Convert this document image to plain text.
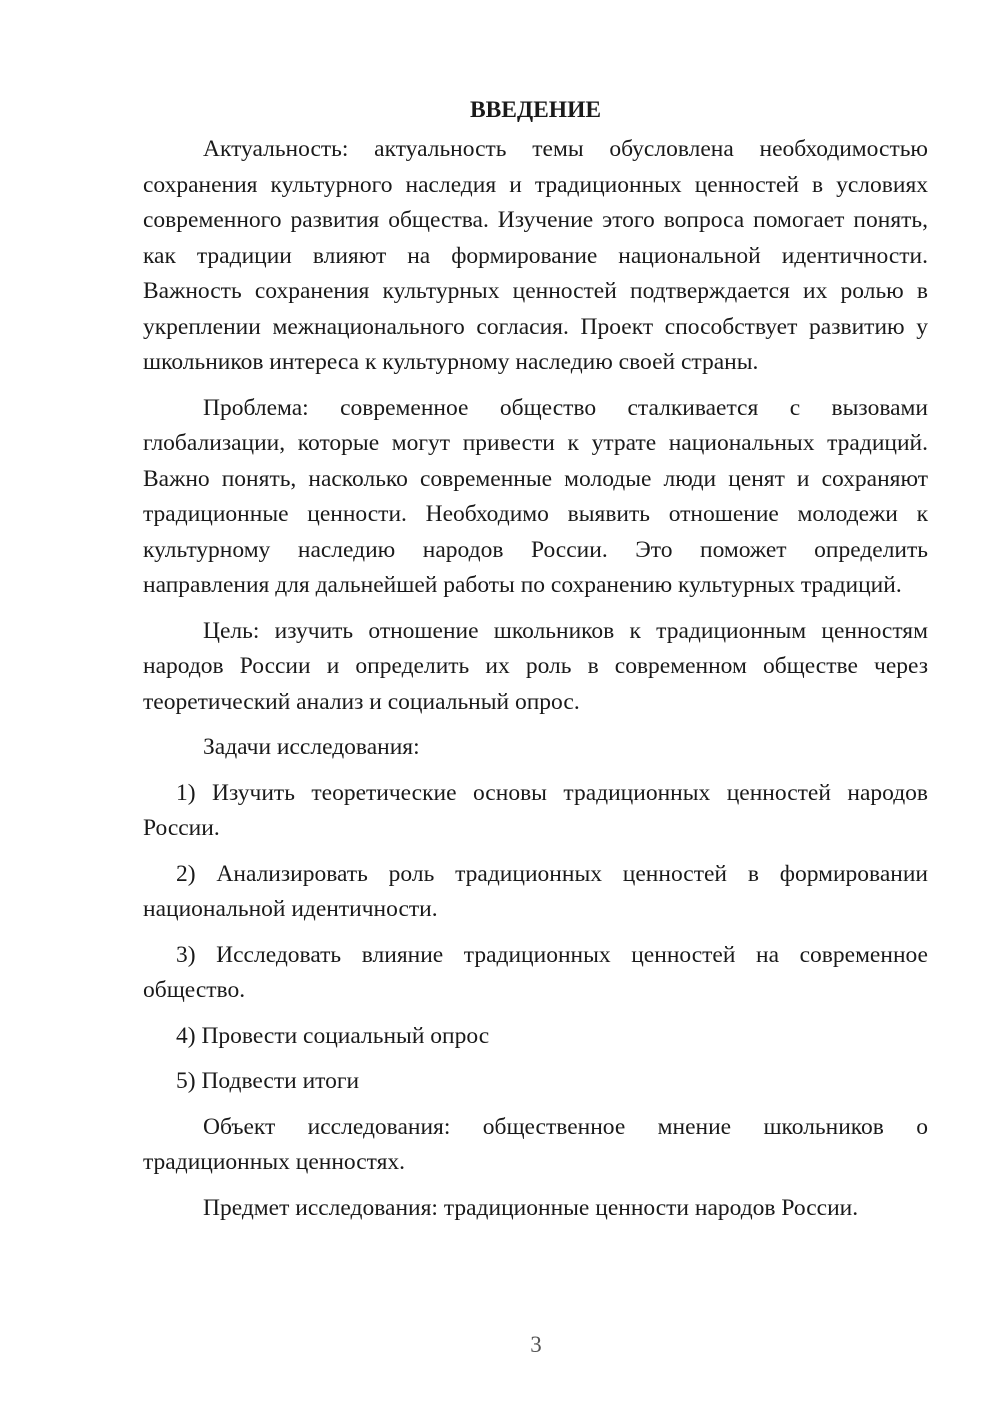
ВВЕДЕНИЕ

Актуальность: актуальность темы обусловлена необходимостью сохранения культурного наследия и традиционных ценностей в условиях современного развития общества. Изучение этого вопроса помогает понять, как традиции влияют на формирование национальной идентичности. Важность сохранения культурных ценностей подтверждается их ролью в укреплении межнационального согласия. Проект способствует развитию у школьников интереса к культурному наследию своей страны.

Проблема: современное общество сталкивается с вызовами глобализации, которые могут привести к утрате национальных традиций. Важно понять, насколько современные молодые люди ценят и сохраняют традиционные ценности. Необходимо выявить отношение молодежи к культурному наследию народов России. Это поможет определить направления для дальнейшей работы по сохранению культурных традиций.

Цель: изучить отношение школьников к традиционным ценностям народов России и определить их роль в современном обществе через теоретический анализ и социальный опрос.

Задачи исследования:

1) Изучить теоретические основы традиционных ценностей народов России.

2) Анализировать роль традиционных ценностей в формировании национальной идентичности.

3) Исследовать влияние традиционных ценностей на современное общество.

4) Провести социальный опрос

5) Подвести итоги

Объект исследования: общественное мнение школьников о традиционных ценностях.

Предмет исследования: традиционные ценности народов России.

3
